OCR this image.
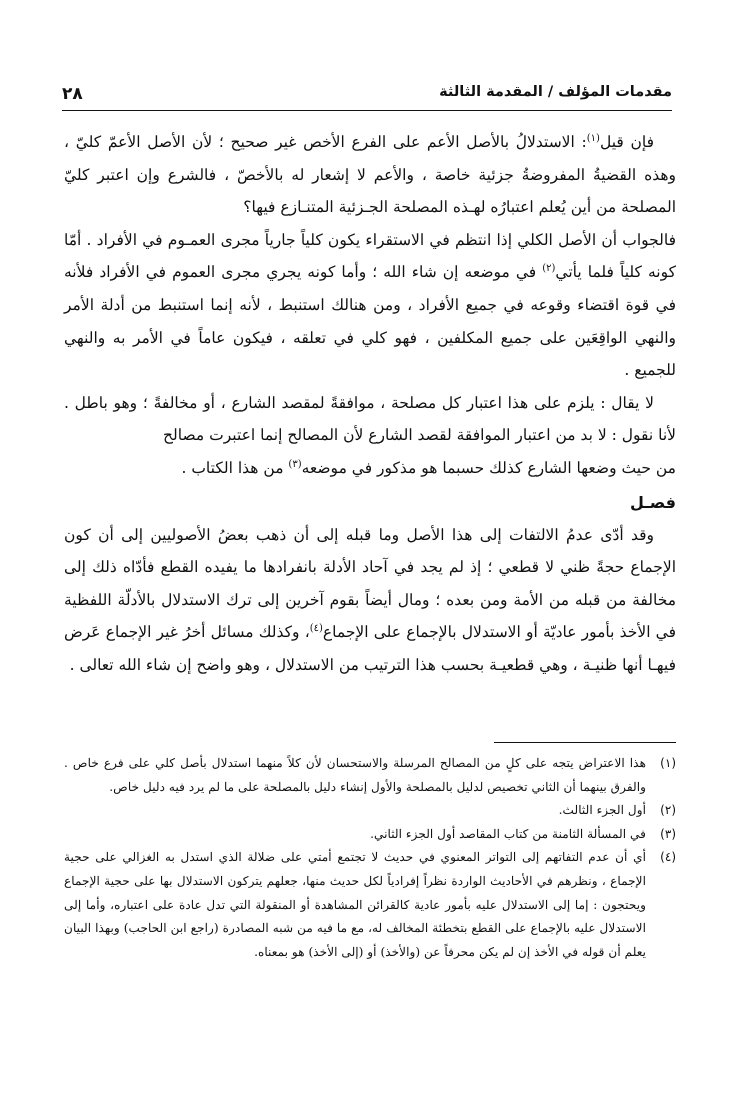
مقدمات المؤلف / المقدمة الثالثة
٢٨

فإن قيل$^{(١)}$: الاستدلالُ بالأصل الأعم على الفرع الأخص غير صحيح ؛ لأن الأصل الأعمّ كليّ ، وهذه القضيةُ المفروضةُ جزئية خاصة ، والأعم لا إشعار له بالأخصّ ، فالشرع وإن اعتبر كليّ المصلحة من أين يُعلم اعتبارُه لهـذه المصلحة الجـزئية المتنـازع فيها؟

فالجواب أن الأصل الكلي إذا انتظم في الاستقراء يكون كلياً جارياً مجرى العمـوم في الأفراد . أمّا كونه كلياً فلما يأتي$^{(٢)}$ في موضعه إن شاء الله ؛ وأما كونه يجري مجرى العموم في الأفراد فلأنه في قوة اقتضاء وقوعه في جميع الأفراد ، ومن هنالك استنبط ، لأنه إنما استنبط من أدلة الأمر والنهي الواقِعَين على جميع المكلفين ، فهو كلي في تعلقه ، فيكون عاماً في الأمر به والنهي للجميع .

لا يقال : يلزم على هذا اعتبار كل مصلحة ، موافقةً لمقصد الشارع ، أو مخالفةً ؛ وهو باطل . لأنا نقول : لا بد من اعتبار الموافقة لقصد الشارع لأن المصالح إنما اعتبرت مصالح

من حيث وضعها الشارع كذلك حسبما هو مذكور في موضعه$^{(٣)}$ من هذا الكتاب .

فصـل

وقد أدّى عدمُ الالتفات إلى هذا الأصل وما قبله إلى أن ذهب بعضُ الأصوليين إلى أن كون الإجماع حجةً ظني لا قطعي ؛ إذ لم يجد في آحاد الأدلة بانفرادها ما يفيده القطع فأدّاه ذلك إلى مخالفة من قبله من الأمة ومن بعده ؛ ومال أيضاً بقوم آخرين إلى ترك الاستدلال بالأدلّة اللفظية في الأخذ بأمور عاديّة أو الاستدلال بالإجماع على الإجماع$^{(٤)}$، وكذلك مسائل أخرُ غير الإجماع عَرض فيهـا أنها ظنيـة ، وهي قطعيـة بحسب هذا الترتيب من الاستدلال ، وهو واضح إن شاء الله تعالى .

(١)
هذا الاعتراض يتجه على كلٍ من المصالح المرسلة والاستحسان لأن كلاً منهما استدلال بأصل كلي على فرع خاص . والفرق بينهما أن الثاني تخصيص لدليل بالمصلحة والأول إنشاء دليل بالمصلحة على ما لم يرد فيه دليل خاص.
(٢)
أول الجزء الثالث.
(٣)
في المسألة الثامنة من كتاب المقاصد أول الجزء الثاني.
(٤)
أي أن عدم التفاتهم إلى التواتر المعنوي في حديث لا تجتمع أمتي على ضلالة الذي استدل به الغزالي على حجية الإجماع ، ونظرهم في الأحاديث الواردة نظراً إفرادياً لكل حديث منها، جعلهم يتركون الاستدلال بها على حجية الإجماع ويحتجون : إما إلى الاستدلال عليه بأمور عادية كالقرائن المشاهدة أو المنقولة التي تدل عادة على اعتباره، وأما إلى الاستدلال عليه بالإجماع على القطع بتخطئة المخالف له، مع ما فيه من شبه المصادرة (راجع ابن الحاجب) وبهذا البيان يعلم أن قوله في الأخذ إن لم يكن محرفاً عن (والأخذ) أو (إلى الأخذ) هو بمعناه.
